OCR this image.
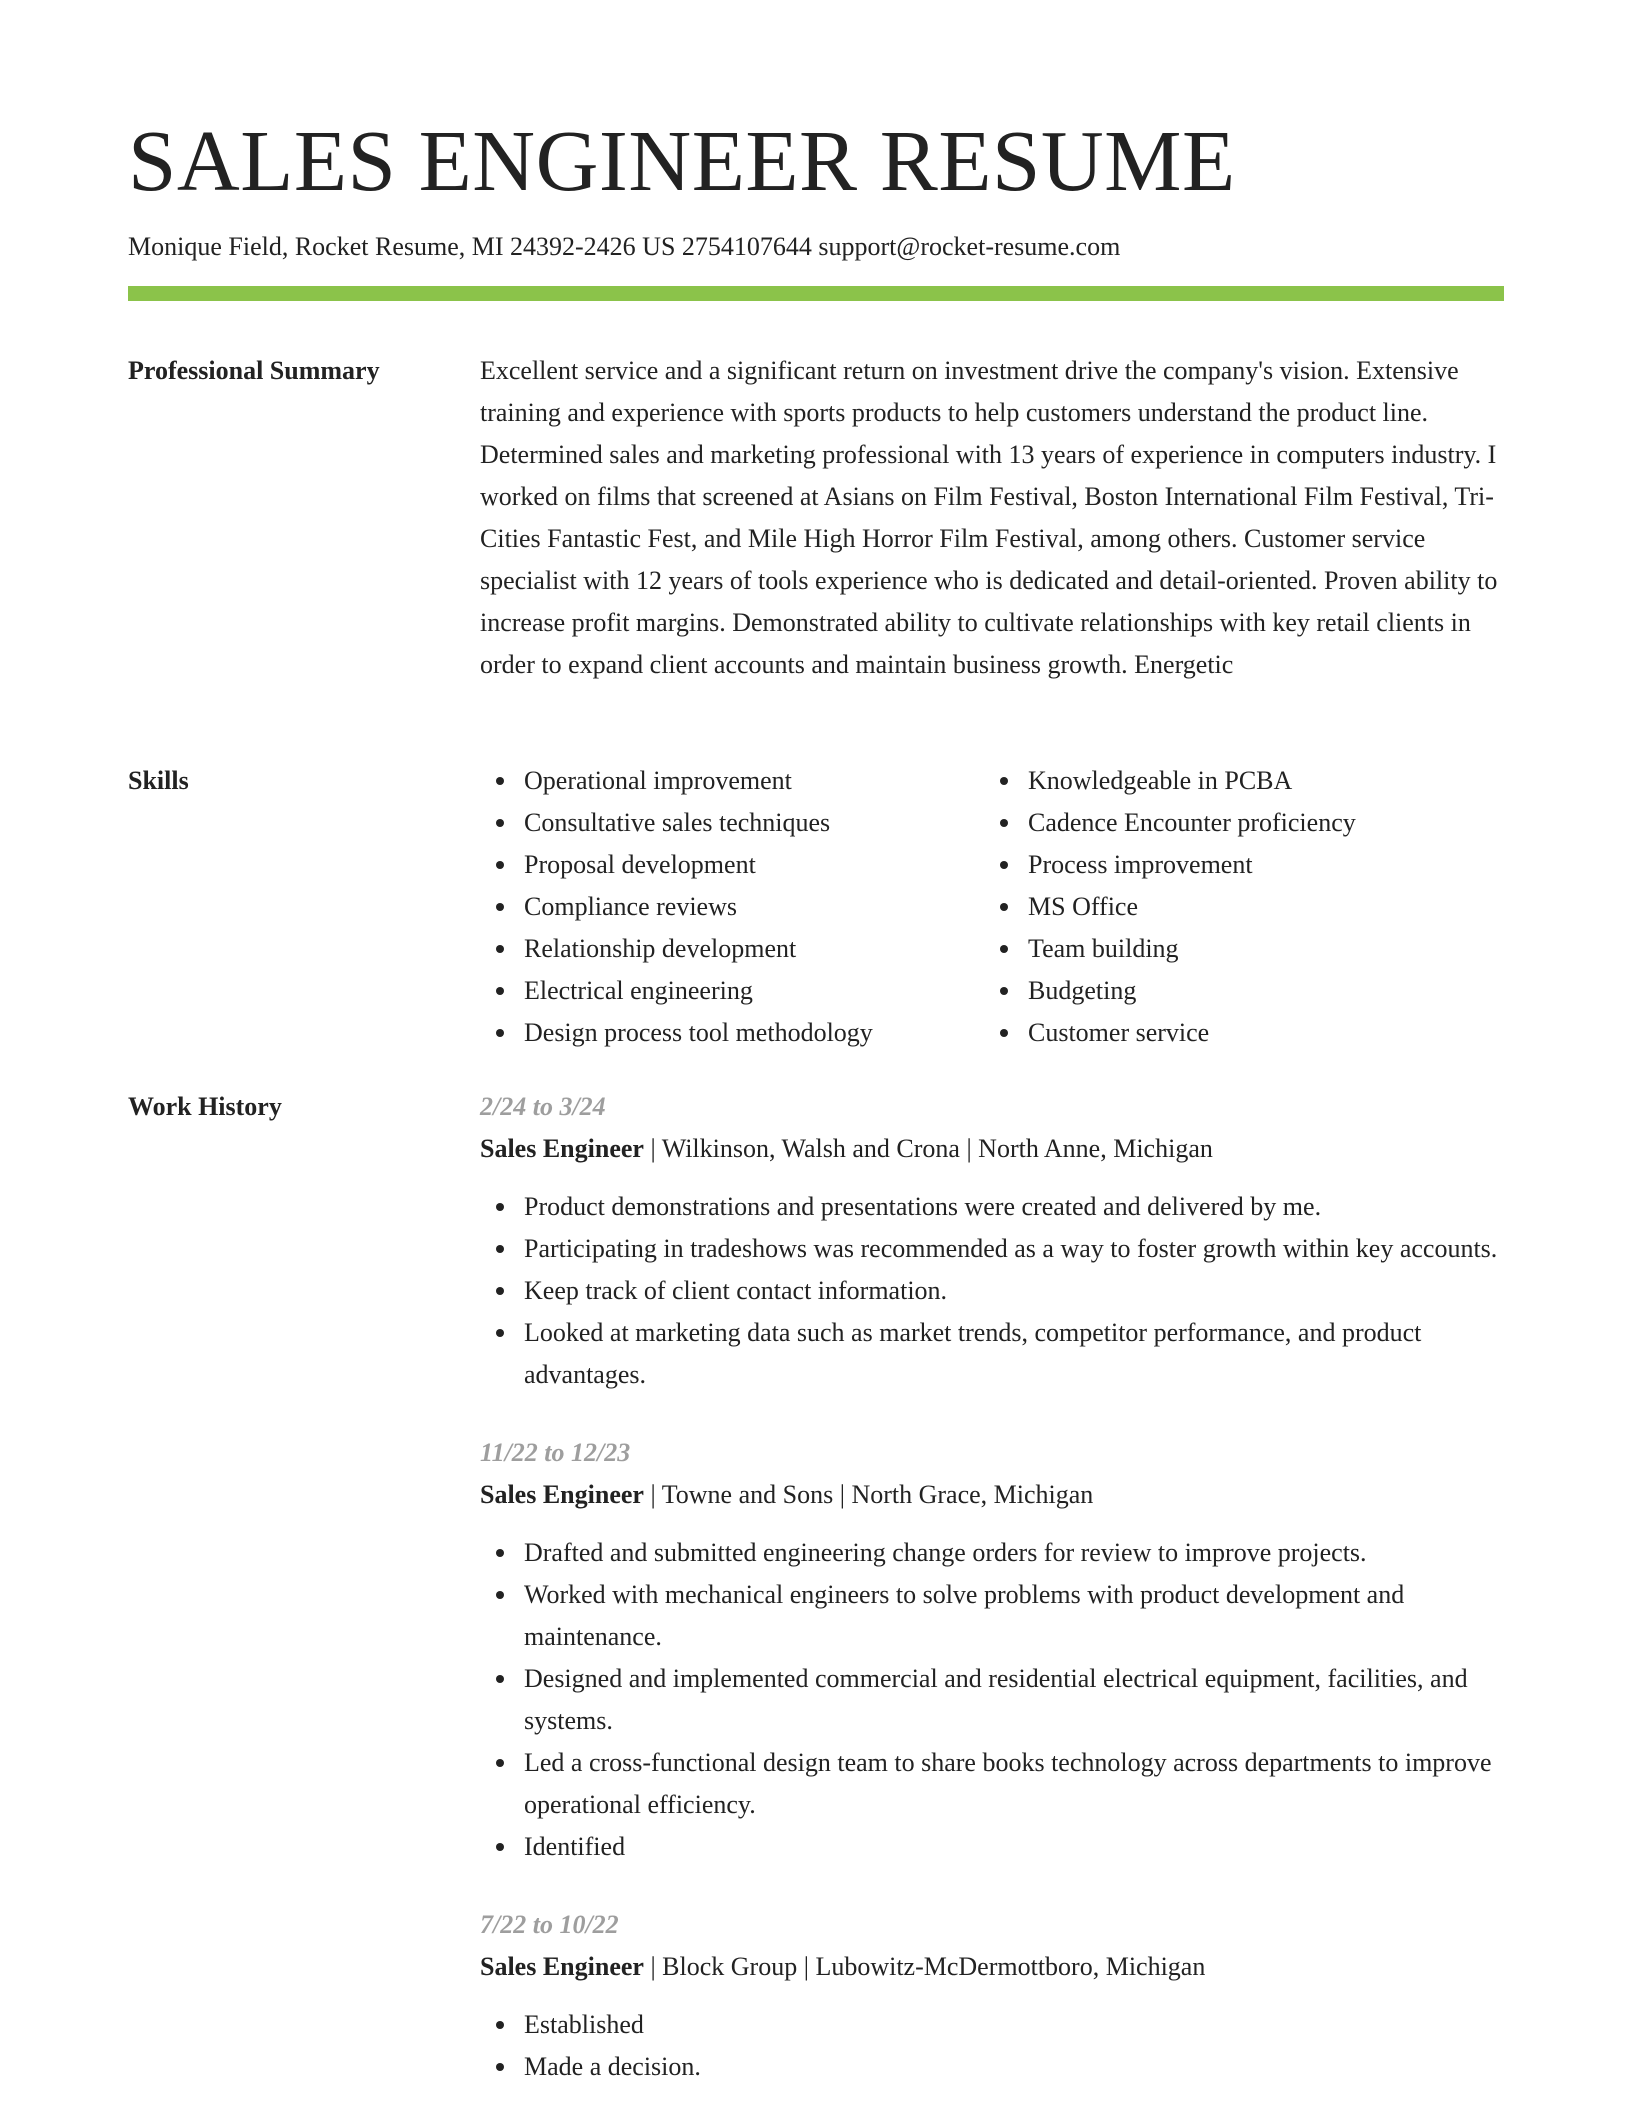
SALES ENGINEER RESUME
Monique Field, Rocket Resume, MI 24392-2426 US 2754107644 support@rocket-resume.com
Professional Summary	Excellent service and a significant return on investment drive the company's vision. Extensive training and experience with sports products to help customers understand the product line. Determined sales and marketing professional with 13 years of experience in computers industry. I worked on films that screened at Asians on Film Festival, Boston International Film Festival, Tri-Cities Fantastic Fest, and Mile High Horror Film Festival, among others. Customer service specialist with 12 years of tools experience who is dedicated and detail-oriented. Proven ability to increase profit margins. Demonstrated ability to cultivate relationships with key retail clients in order to expand client accounts and maintain business growth. Energetic

Skills	Operational improvement
Consultative sales techniques
Proposal development
Compliance reviews
Relationship development
Electrical engineering
Design process tool methodology
Knowledgeable in PCBA
Cadence Encounter proficiency
Process improvement
MS Office
Team building
Budgeting
Customer service
Work History	2/24 to 3/24
Sales Engineer | Wilkinson, Walsh and Crona | North Anne, Michigan
Product demonstrations and presentations were created and delivered by me.
Participating in tradeshows was recommended as a way to foster growth within key accounts.
Keep track of client contact information.
Looked at marketing data such as market trends, competitor performance, and product advantages.
11/22 to 12/23
Sales Engineer | Towne and Sons | North Grace, Michigan
Drafted and submitted engineering change orders for review to improve projects.
Worked with mechanical engineers to solve problems with product development and maintenance.
Designed and implemented commercial and residential electrical equipment, facilities, and systems.
Led a cross-functional design team to share books technology across departments to improve operational efficiency.
Identified
7/22 to 10/22
Sales Engineer | Block Group | Lubowitz-McDermottboro, Michigan
Established
Made a decision.
